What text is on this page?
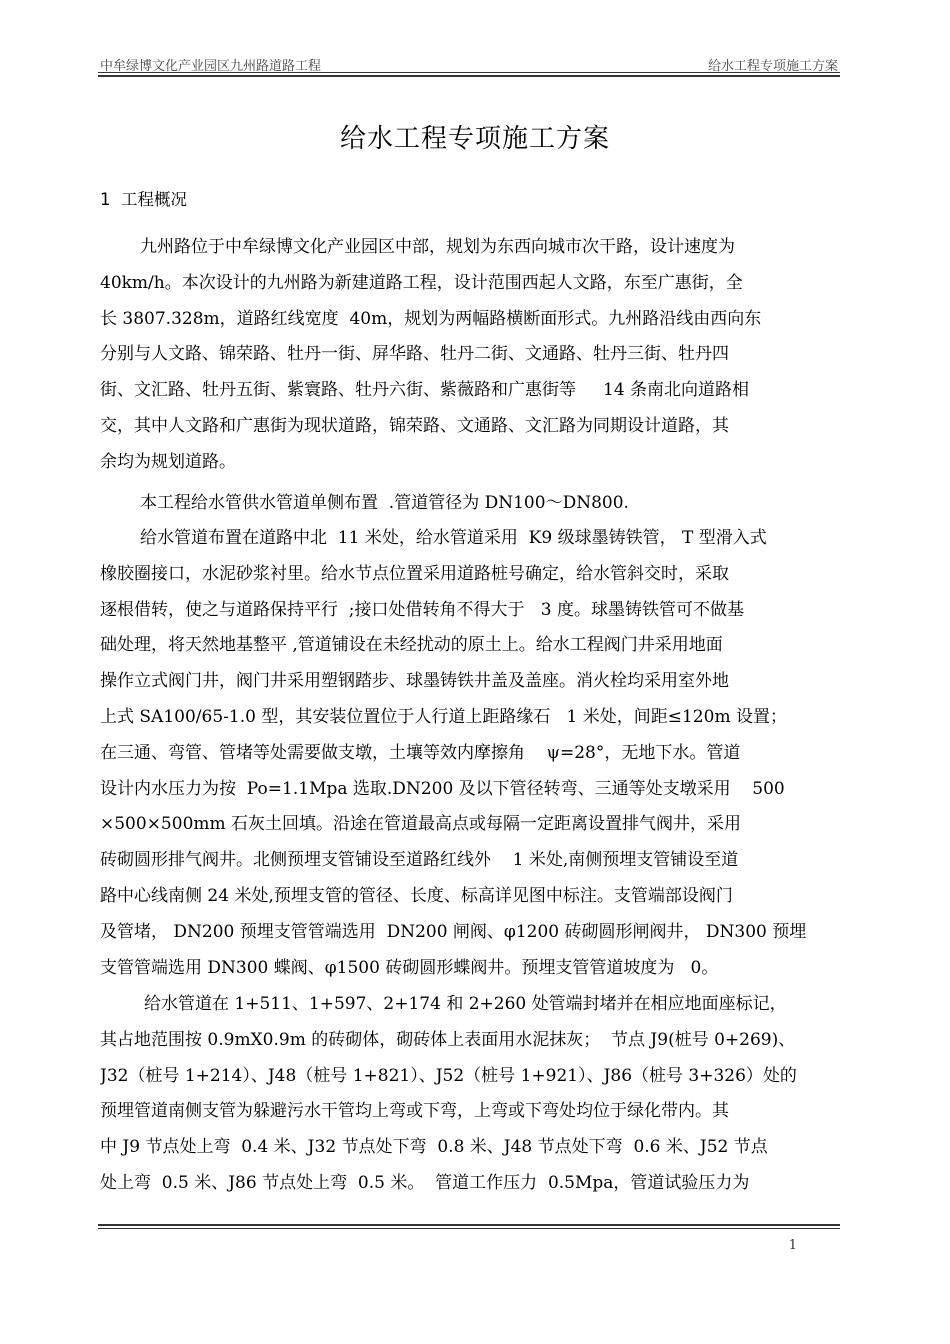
中牟绿博文化产业园区九州路道路工程	给水工程专项施工方案
给水工程专项施工方案
1  工程概况
九州路位于中牟绿博文化产业园区中部，规划为东西向城市次干路，设计速度为
40km/h。本次设计的九州路为新建道路工程，设计范围西起人文路，东至广惠街，全
长 3807.328m，道路红线宽度  40m，规划为两幅路横断面形式。九州路沿线由西向东
分别与人文路、锦荣路、牡丹一街、屏华路、牡丹二街、文通路、牡丹三街、牡丹四
街、文汇路、牡丹五街、紫寰路、牡丹六街、紫薇路和广惠街等     14 条南北向道路相
交，其中人文路和广惠街为现状道路，锦荣路、文通路、文汇路为同期设计道路，其
余均为规划道路。
本工程给水管供水管道单侧布置  .管道管径为 DN100～DN800.
给水管道布置在道路中北  11 米处，给水管道采用  K9 级球墨铸铁管， T 型滑入式
橡胶圈接口，水泥砂浆衬里。给水节点位置采用道路桩号确定，给水管斜交时，采取
逐根借转，使之与道路保持平行  ;接口处借转角不得大于   3 度。球墨铸铁管可不做基
础处理，将天然地基整平 ,管道铺设在未经扰动的原土上。给水工程阀门井采用地面
操作立式阀门井，阀门井采用塑钢踏步、球墨铸铁井盖及盖座。消火栓均采用室外地
上式 SA100/65-1.0 型，其安装位置位于人行道上距路缘石   1 米处，间距≤120m 设置；
在三通、弯管、管堵等处需要做支墩，土壤等效内摩擦角    ψ=28°，无地下水。管道
设计内水压力为按  Po=1.1Mpa 选取.DN200 及以下管径转弯、三通等处支墩采用    500
×500×500mm 石灰土回填。沿途在管道最高点或每隔一定距离设置排气阀井，采用
砖砌圆形排气阀井。北侧预埋支管铺设至道路红线外    1 米处,南侧预埋支管铺设至道
路中心线南侧 24 米处,预埋支管的管径、长度、标高详见图中标注。支管端部设阀门
及管堵， DN200 预埋支管管端选用  DN200 闸阀、φ1200 砖砌圆形闸阀井， DN300 预埋
支管管端选用 DN300 蝶阀、φ1500 砖砌圆形蝶阀井。预埋支管管道坡度为   0。
给水管道在 1+511、1+597、2+174 和 2+260 处管端封堵并在相应地面座标记，
其占地范围按 0.9mX0.9m 的砖砌体，砌砖体上表面用水泥抹灰；  节点 J9(桩号 0+269)、
J32（桩号 1+214）、J48（桩号 1+821）、J52（桩号 1+921）、J86（桩号 3+326）处的
预埋管道南侧支管为躲避污水干管均上弯或下弯，上弯或下弯处均位于绿化带内。其
中 J9 节点处上弯  0.4 米、J32 节点处下弯  0.8 米、J48 节点处下弯  0.6 米、J52 节点
处上弯  0.5 米、J86 节点处上弯  0.5 米。  管道工作压力  0.5Mpa，管道试验压力为
1
